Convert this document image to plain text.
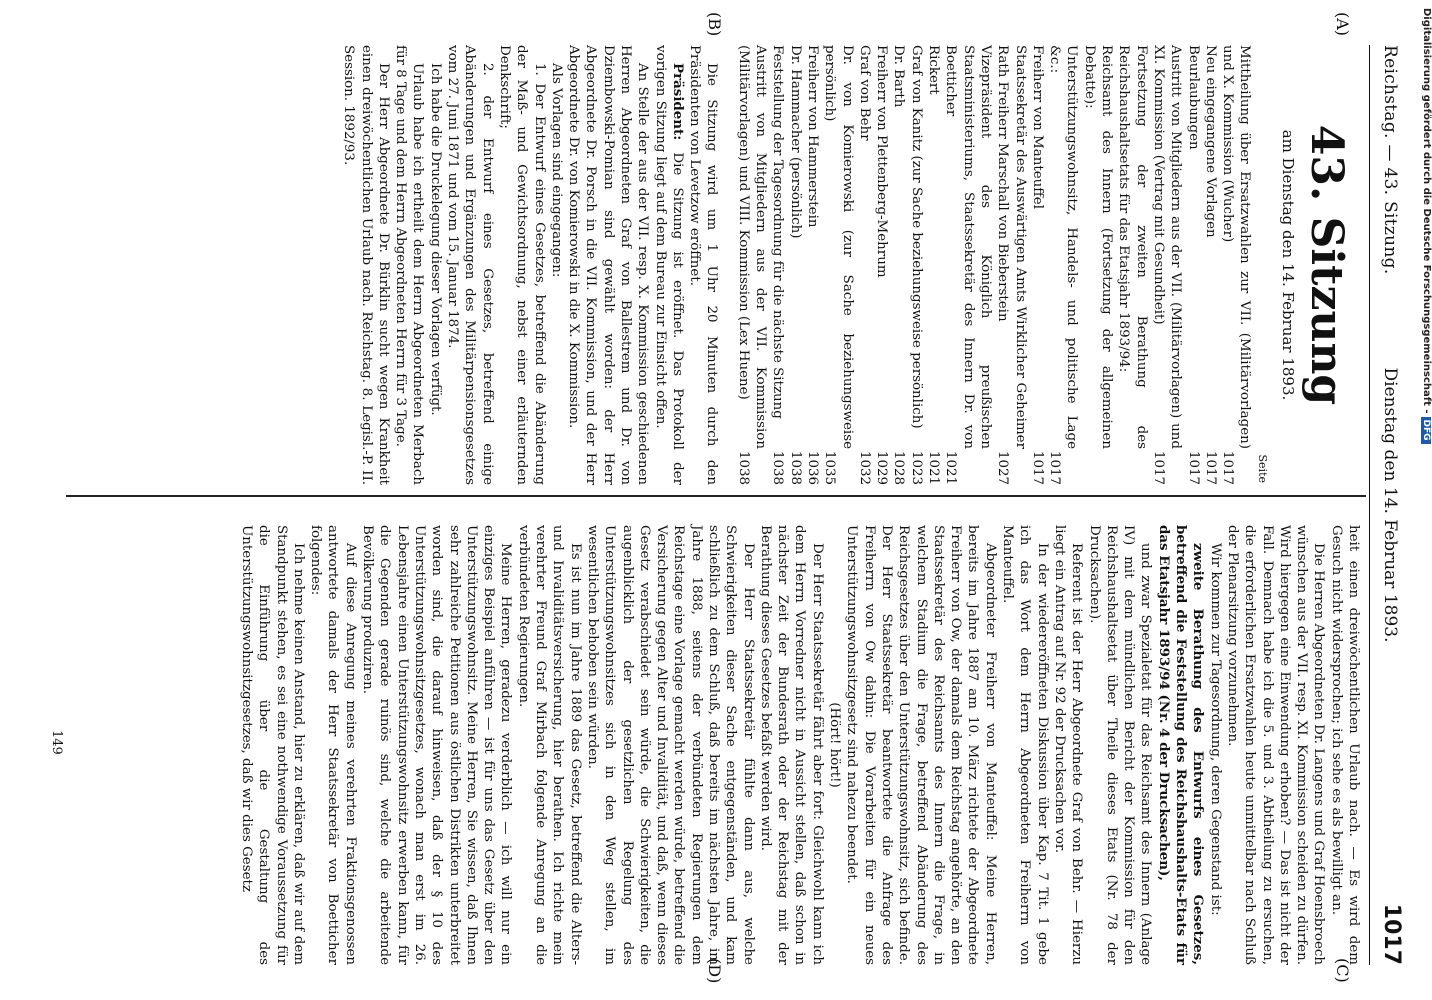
Reichstag. — 43. Sitzung.
Dienstag den 14. Februar 1893.
1017
(A)
(B)
(C)
(D)
43. Sitzung
am Dienstag den 14. Februar 1893.
Seite
Mittheilung über Ersatzwahlen zur VII. (Militärvorlagen) und X. Kommission (Wucher)
1017
Neu eingegangene Vorlagen
1017
Beurlaubungen
1017
Austritt von Mitgliedern aus der VII. (Militärvorlagen) und XI. Kommission (Vertrag mit Gesundheit)
1017
Fortsetzung der zweiten Berathung des Reichshaushaltsetats für das Etatsjahr 1893/94:
Reichsamt des Innern (Fortsetzung der allgemeinen Debatte):
Unterstützungswohnsitz, Handels- und politische Lage &c.:
1017
Freiherr von Manteuffel
1017
Staatssekretär des Auswärtigen Amts Wirklicher Geheimer Rath Freiherr Marschall von Bieberstein
1027
Vizepräsident des Königlich preußischen Staatsministeriums, Staatssekretär des Innern Dr. von Boetticher
1021
Rickert
1021
Graf von Kanitz (zur Sache beziehungsweise persönlich)
1023
Dr. Barth
1028
Freiherr von Plettenberg-Mehrum
1029
Graf von Behr
1032
Dr. von Komierowski (zur Sache beziehungsweise persönlich)
1035
Freiherr von Hammerstein
1036
Dr. Hammacher (persönlich)
1038
Feststellung der Tagesordnung für die nächste Sitzung
1038
Austritt von Mitgliedern aus der VII. Kommission (Militärvorlagen) und VIII. Kommission (Lex Huene)
1038

Die Sitzung wird um 1 Uhr 20 Minuten durch den Präsidenten von Levetzow eröffnet.

Präsident: Die Sitzung ist eröffnet. Das Protokoll der vorigen Sitzung liegt auf dem Bureau zur Einsicht offen.

An Stelle der aus der VII. resp. X. Kommission geschiedenen Herren Abgeordneten Graf von Ballestrem und Dr. von Dziembowski-Pomian sind gewählt worden: der Herr Abgeordnete Dr. Porsch in die VII. Kommission, und der Herr Abgeordnete Dr. von Komierowski in die X. Kommission.

Als Vorlagen sind eingegangen:

1. Der Entwurf eines Gesetzes, betreffend die Abänderung der Maß- und Gewichtsordnung, nebst einer erläuternden Denkschrift;

2. der Entwurf eines Gesetzes, betreffend einige Abänderungen und Ergänzungen des Militärpensionsgesetzes vom 27. Juni 1871 und vom 15. Januar 1874.

Ich habe die Druckelegung dieser Vorlagen verfügt.

Urlaub habe ich ertheilt dem Herrn Abgeordneten Merbach für 8 Tage und dem Herrn Abgeordneten Herrn für 3 Tage.

Der Herr Abgeordnete Dr. Bürklin sucht wegen Krankheit einen dreiwöchentlichen Urlaub nach. Reichstag. 8. Legisl.-P. II. Session. 1892/93.

heit einen dreiwöchentlichen Urlaub nach. — Es wird dem Gesuch nicht widersprochen; ich sehe es als bewilligt an.

Die Herren Abgeordneten Dr. Langens und Graf Hoensbroech wünschen aus der VII. resp. XI. Kommission scheiden zu dürfen. Wird hiergegen eine Einwendung erhoben? — Das ist nicht der Fall. Demnach habe ich die 5. und 3. Abtheilung zu ersuchen, die erforderlichen Ersatzwahlen heute unmittelbar nach Schluß der Plenarsitzung vorzunehmen.

Wir kommen zur Tagesordnung, deren Gegenstand ist:

zweite Berathung des Entwurfs eines Gesetzes, betreffend die Feststellung des Reichshaushalts-Etats für das Etatsjahr 1893/94 (Nr. 4 der Drucksachen),

und zwar Spezialetat für das Reichsamt des Innern (Anlage IV) mit dem mündlichen Bericht der Kommission für den Reichshaushaltsetat über Theile dieses Etats (Nr. 78 der Drucksachen).

Referent ist der Herr Abgeordnete Graf von Behr. — Hierzu liegt ein Antrag auf Nr. 92 der Drucksachen vor.

In der wiedereröffneten Diskussion über Kap. 7 Tit. 1 gebe ich das Wort dem Herrn Abgeordneten Freiherrn von Manteuffel.

Abgeordneter Freiherr von Manteuffel: Meine Herren, bereits im Jahre 1887 am 10. März richtete der Abgeordnete Freiherr von Ow, der damals dem Reichstag angehörte, an den Staatssekretär des Reichsamts des Innern die Frage, in welchem Stadium die Frage, betreffend Abänderung des Reichsgesetzes über den Unterstützungswohnsitz, sich befinde. Der Herr Staatssekretär beantwortete die Anfrage des Freiherrn von Ow dahin: Die Vorarbeiten für ein neues Unterstützungswohnsitzgesetz sind nahezu beendet.

(Hört! hört!)

Der Herr Staatssekretär fährt aber fort: Gleichwohl kann ich dem Herrn Vorredner nicht in Aussicht stellen, daß schon in nächster Zeit der Bundesrath oder der Reichstag mit der Berathung dieses Gesetzes befaßt werden wird.

Der Herr Staatssekretär fühlte dann aus, welche Schwierigkeiten dieser Sache entgegenständen, und kam schließlich zu dem Schluß, daß bereits im nächsten Jahre, im Jahre 1888, seitens der verbündeten Regierungen dem Reichstage eine Vorlage gemacht werden würde, betreffend die Versicherung gegen Alter und Invalidität, und daß, wenn dieses Gesetz verabschiedet sein würde, die Schwierigkeiten, die augenblicklich der gesetzlichen Regelung des Unterstützungswohnsitzes sich in den Weg stellen, im wesentlichen behoben sein würden.

Es ist nun im Jahre 1889 das Gesetz, betreffend die Alters- und Invaliditätsversicherung, hier berathen. Ich richte mein verehrter Freund Graf Mirbach folgende Anregung an die verbündeten Regierungen.

Meine Herren, geradezu verderblich — ich will nur ein einziges Beispiel anführen — ist für uns das Gesetz über den Unterstützungswohnsitz. Meine Herren, Sie wissen, daß Ihnen sehr zahlreiche Petitionen aus östlichen Distrikten unterbreitet worden sind, die darauf hinweisen, daß der § 10 des Unterstützungswohnsitzgesetzes, wonach man erst im 26. Lebensjahre einen Unterstützungswohnsitz erwerben kann, für die Gegenden gerade ruinös sind, welche die arbeitende Bevölkerung produziren.

Auf diese Anregung meines verehrten Fraktionsgenossen antwortete damals der Herr Staatssekretär von Boetticher folgendes:

Ich nehme keinen Anstand, hier zu erklären, daß wir auf dem Standpunkt stehen, es sei eine nothwendige Voraussetzung für die Einführung über die Gestaltung des Unterstützungswohnsitzgesetzes, daß wir dies Gesetz

149
Digitalisierung gefördert durch die Deutsche Forschungsgemeinschaft -DFG
